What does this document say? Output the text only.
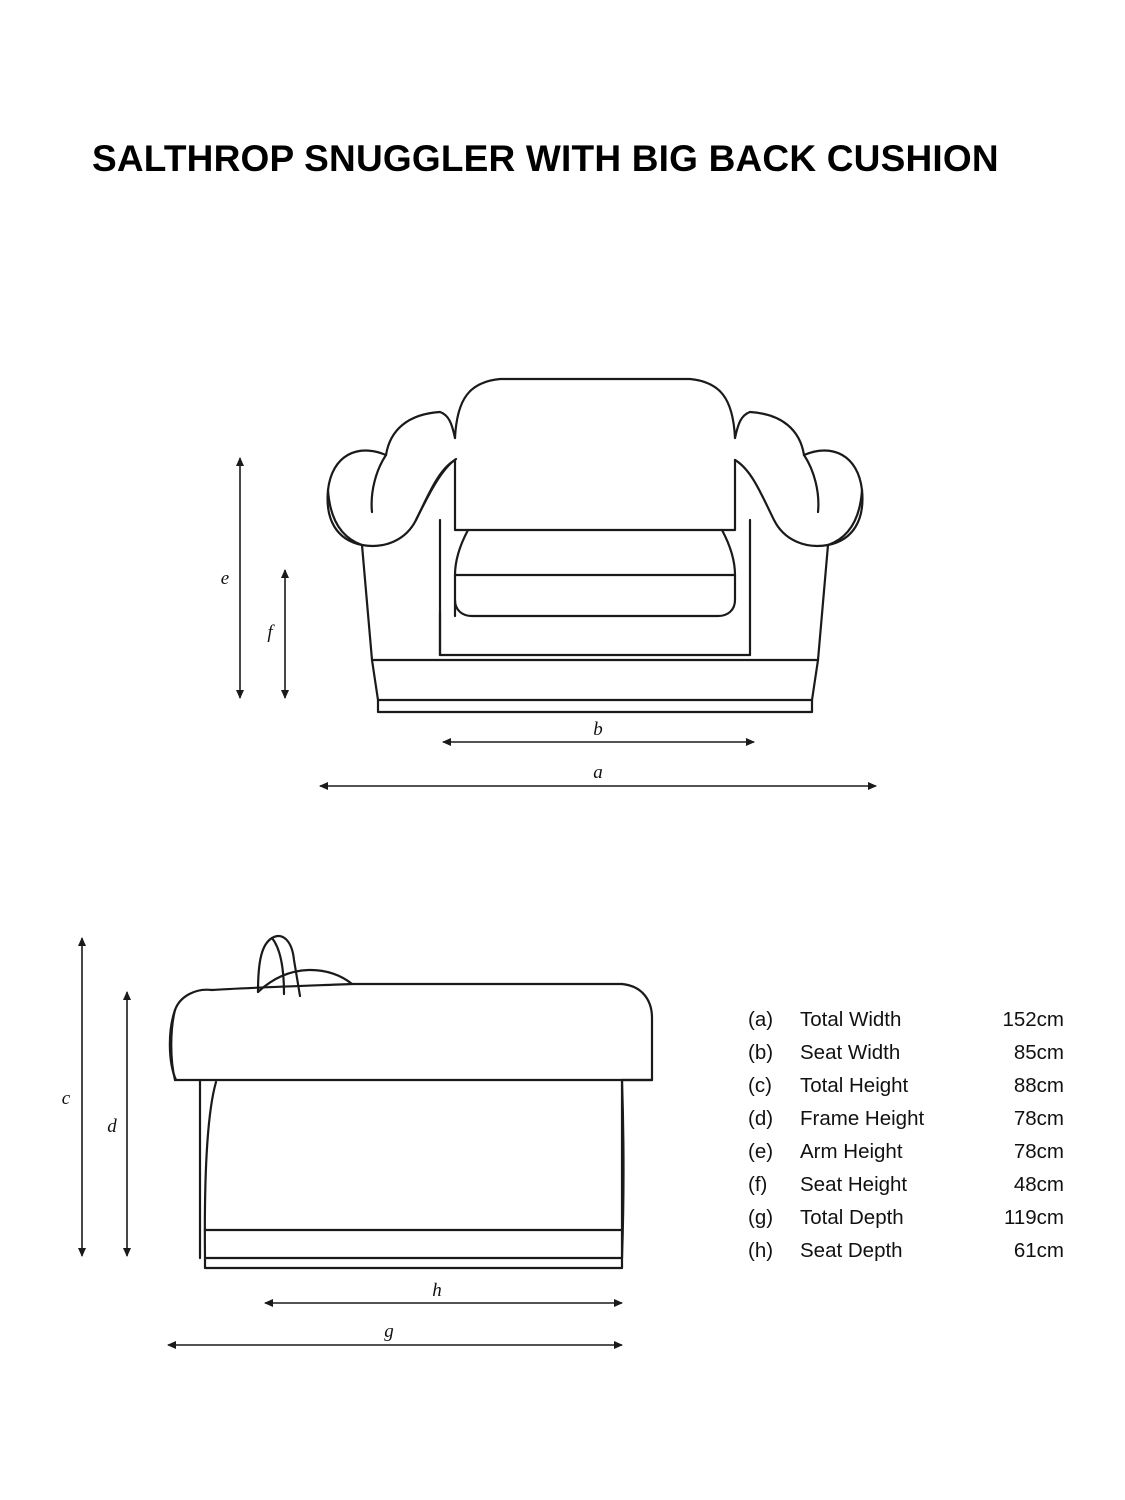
SALTHROP SNUGGLER WITH BIG BACK CUSHION
e
f
b
a
c
d
h
g
(a)	Total Width	152cm
(b)	Seat Width	85cm
(c)	Total Height	88cm
(d)	Frame Height	78cm
(e)	Arm Height	78cm
(f)	Seat Height	48cm
(g)	Total Depth	119cm
(h)	Seat Depth	61cm
